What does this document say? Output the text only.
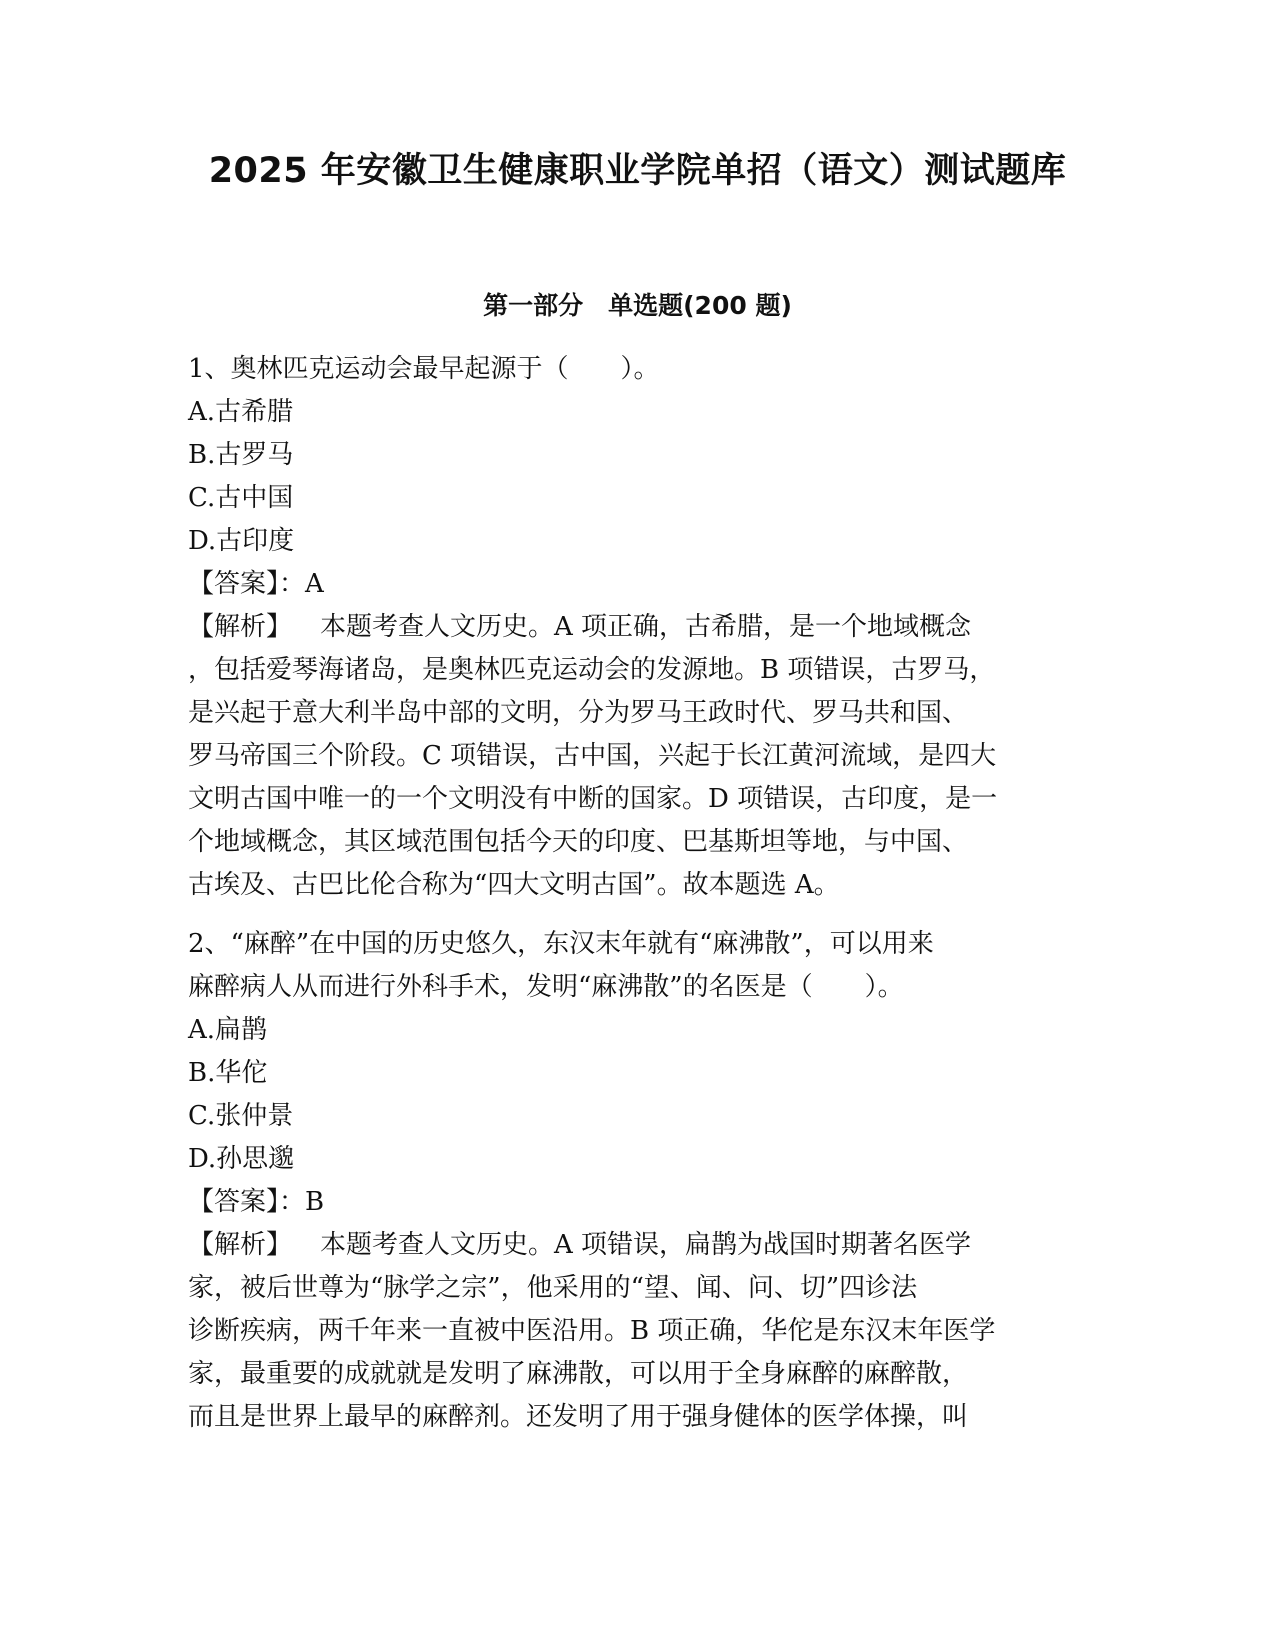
2025 年安徽卫生健康职业学院单招（语文）测试题库
第一部分　单选题(200 题)
1、奥林匹克运动会最早起源于（　　）。
A.古希腊
B.古罗马
C.古中国
D.古印度
【答案】：A
【解析】 本题考查人文历史。A 项正确，古希腊，是一个地域概念
，包括爱琴海诸岛，是奥林匹克运动会的发源地。B 项错误，古罗马，
是兴起于意大利半岛中部的文明，分为罗马王政时代、罗马共和国、
罗马帝国三个阶段。C 项错误，古中国，兴起于长江黄河流域，是四大
文明古国中唯一的一个文明没有中断的国家。D 项错误，古印度，是一
个地域概念，其区域范围包括今天的印度、巴基斯坦等地，与中国、
古埃及、古巴比伦合称为“四大文明古国”。故本题选 A。
2、“麻醉”在中国的历史悠久，东汉末年就有“麻沸散”，可以用来
麻醉病人从而进行外科手术，发明“麻沸散”的名医是（　　）。
A.扁鹊
B.华佗
C.张仲景
D.孙思邈
【答案】：B
【解析】 本题考查人文历史。A 项错误，扁鹊为战国时期著名医学
家，被后世尊为“脉学之宗”，他采用的“望、闻、问、切”四诊法
诊断疾病，两千年来一直被中医沿用。B 项正确，华佗是东汉末年医学
家，最重要的成就就是发明了麻沸散，可以用于全身麻醉的麻醉散，
而且是世界上最早的麻醉剂。还发明了用于强身健体的医学体操，叫
